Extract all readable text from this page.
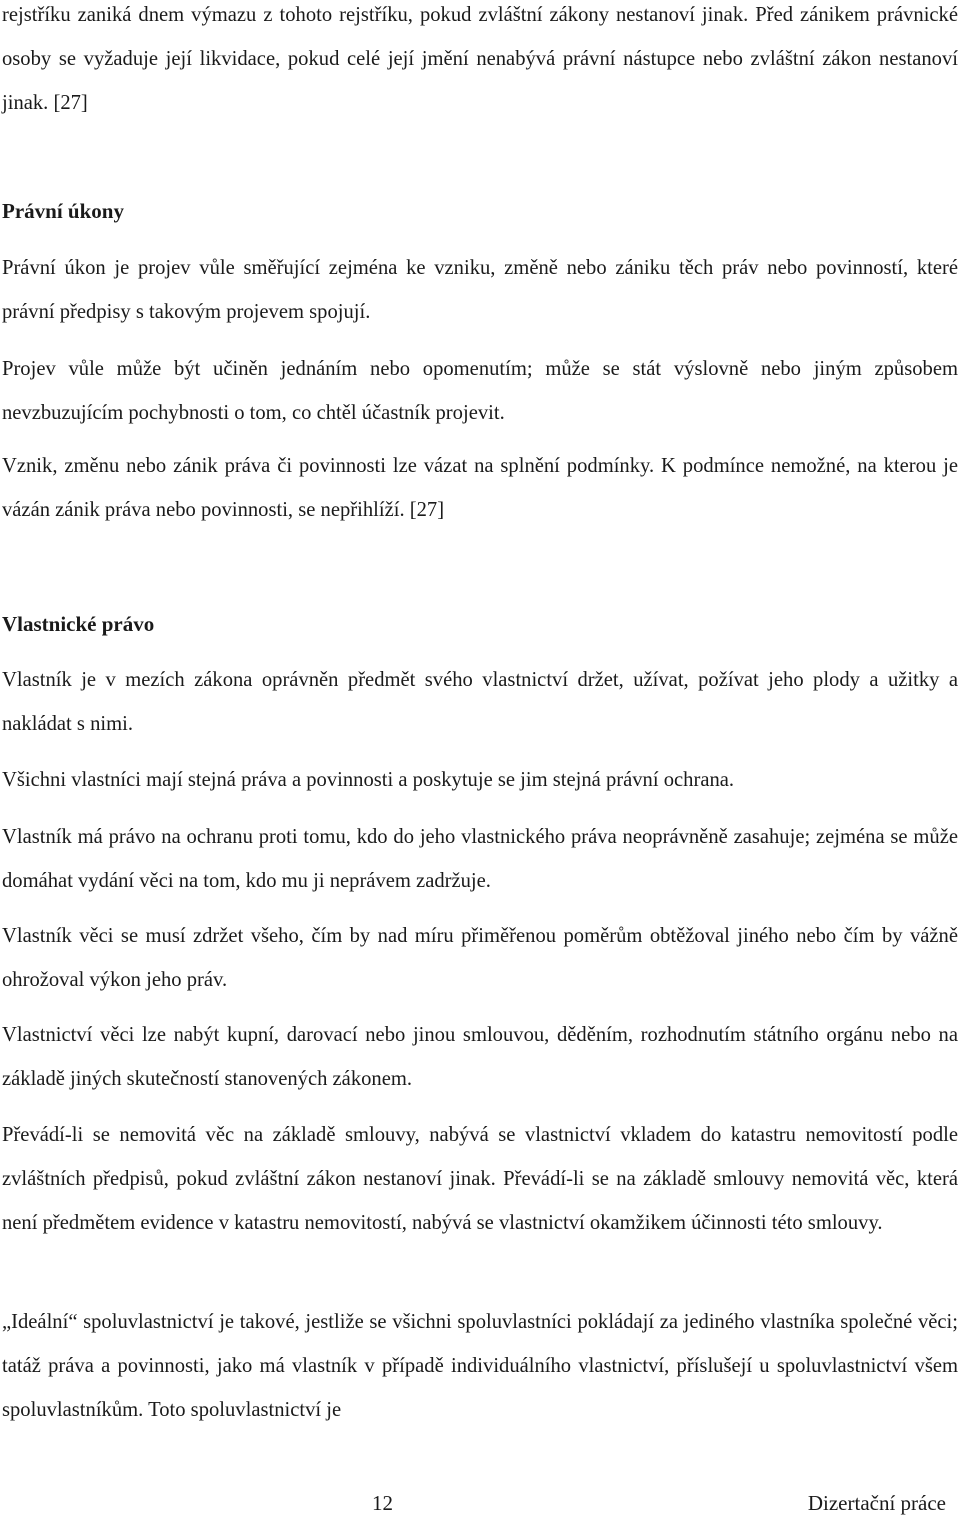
rejstříku zaniká dnem výmazu z tohoto rejstříku, pokud zvláštní zákony nestanoví jinak. Před zánikem právnické osoby se vyžaduje její likvidace, pokud celé její jmění nenabývá právní nástupce nebo zvláštní zákon nestanoví jinak. [27]

Právní úkony

Právní úkon je projev vůle směřující zejména ke vzniku, změně nebo zániku těch práv nebo povinností, které právní předpisy s takovým projevem spojují.

Projev vůle může být učiněn jednáním nebo opomenutím; může se stát výslovně nebo jiným způsobem nevzbuzujícím pochybnosti o tom, co chtěl účastník projevit.

Vznik, změnu nebo zánik práva či povinnosti lze vázat na splnění podmínky. K podmínce nemožné, na kterou je vázán zánik práva nebo povinnosti, se nepřihlíží. [27]

Vlastnické právo

Vlastník je v mezích zákona oprávněn předmět svého vlastnictví držet, užívat, požívat jeho plody a užitky a nakládat s nimi.

Všichni vlastníci mají stejná práva a povinnosti a poskytuje se jim stejná právní ochrana.

Vlastník má právo na ochranu proti tomu, kdo do jeho vlastnického práva neoprávněně zasahuje; zejména se může domáhat vydání věci na tom, kdo mu ji neprávem zadržuje.

Vlastník věci se musí zdržet všeho, čím by nad míru přiměřenou poměrům obtěžoval jiného nebo čím by vážně ohrožoval výkon jeho práv.

Vlastnictví věci lze nabýt kupní, darovací nebo jinou smlouvou, děděním, rozhodnutím státního orgánu nebo na základě jiných skutečností stanovených zákonem.

Převádí-li se nemovitá věc na základě smlouvy, nabývá se vlastnictví vkladem do katastru nemovitostí podle zvláštních předpisů, pokud zvláštní zákon nestanoví jinak. Převádí-li se na základě smlouvy nemovitá věc, která není předmětem evidence v katastru nemovitostí, nabývá se vlastnictví okamžikem účinnosti této smlouvy.

„Ideální“ spoluvlastnictví je takové, jestliže se všichni spoluvlastníci pokládají za jediného vlastníka společné věci; tatáž práva a povinnosti, jako má vlastník v případě individuálního vlastnictví, příslušejí u spoluvlastnictví všem spoluvlastníkům. Toto spoluvlastnictví je

12	Dizertační práce
